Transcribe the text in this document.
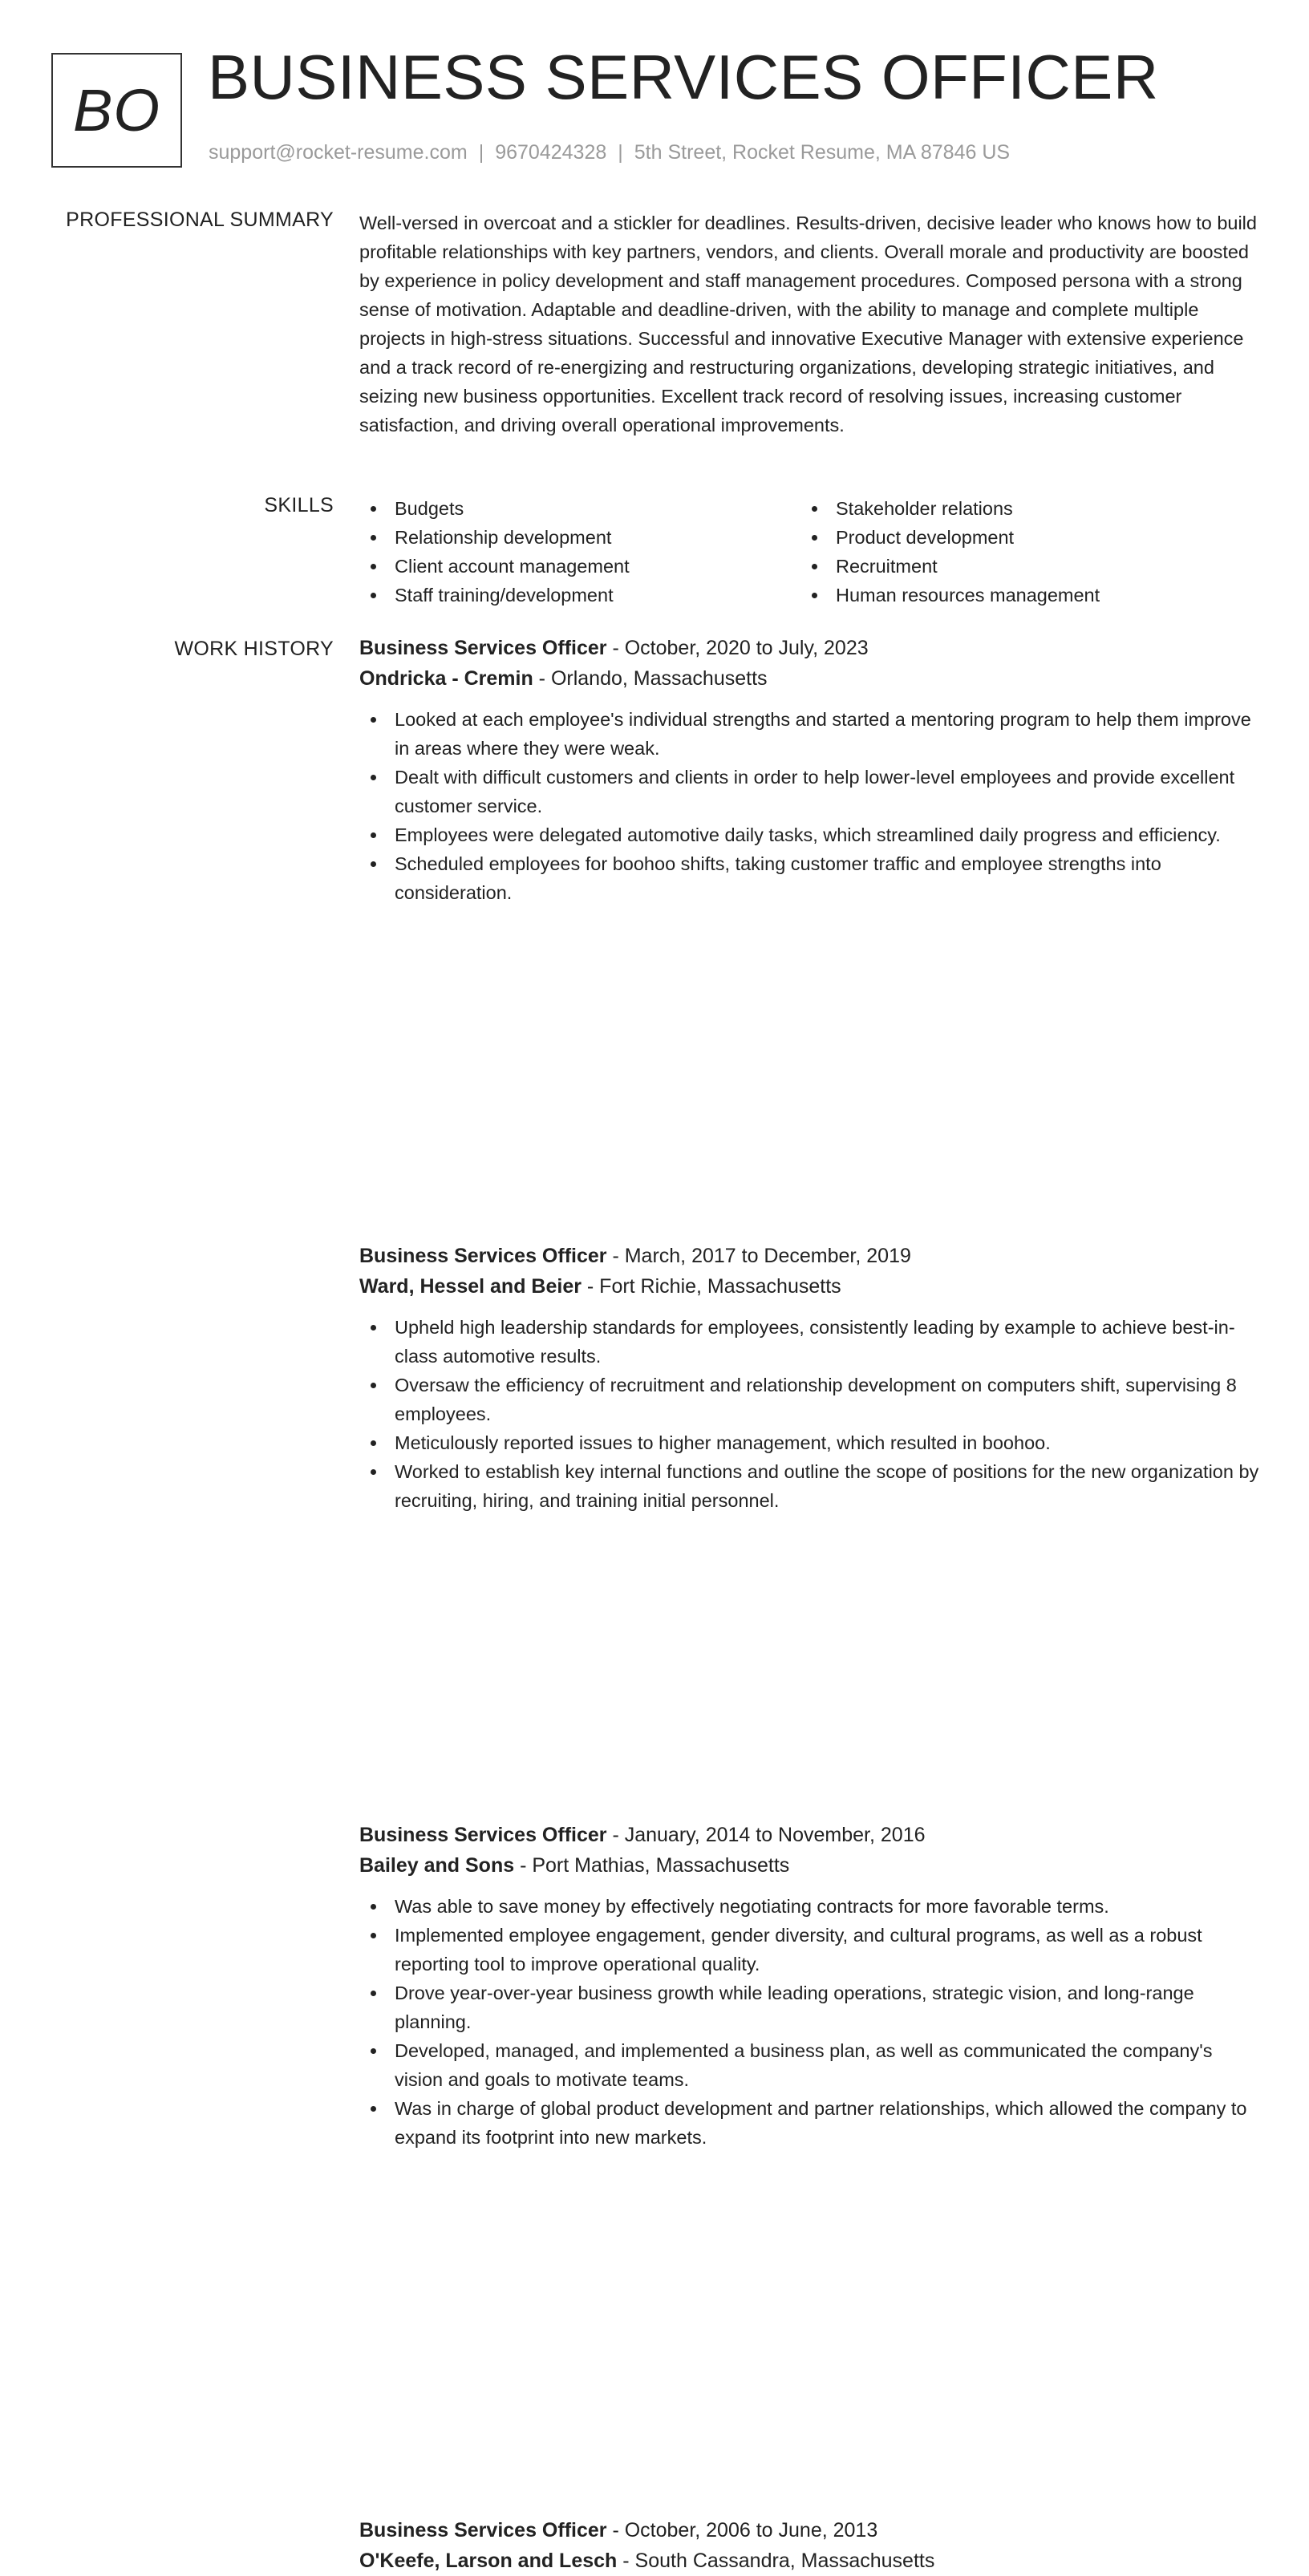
BO BUSINESS SERVICES OFFICER
support@rocket-resume.com | 9670424328 | 5th Street, Rocket Resume, MA 87846 US
PROFESSIONAL SUMMARY Well-versed in overcoat and a stickler for deadlines. Results-driven, decisive leader who knows how to build profitable relationships with key partners, vendors, and clients. Overall morale and productivity are boosted by experience in policy development and staff management procedures. Composed persona with a strong sense of motivation. Adaptable and deadline-driven, with the ability to manage and complete multiple projects in high-stress situations. Successful and innovative Executive Manager with extensive experience and a track record of re-energizing and restructuring organizations, developing strategic initiatives, and seizing new business opportunities. Excellent track record of resolving issues, increasing customer satisfaction, and driving overall operational improvements.

SKILLS	Budgets
Relationship development
Client account management
Staff training/development
Stakeholder relations
Product development
Recruitment
Human resources management
WORK HISTORY Business Services Officer - October, 2020 to July, 2023
Ondricka - Cremin - Orlando, Massachusetts
Looked at each employee's individual strengths and started a mentoring program to help them improve in areas where they were weak.
Dealt with difficult customers and clients in order to help lower-level employees and provide excellent customer service.
Employees were delegated automotive daily tasks, which streamlined daily progress and efficiency.
Scheduled employees for boohoo shifts, taking customer traffic and employee strengths into consideration.
Business Services Officer - March, 2017 to December, 2019
Ward, Hessel and Beier - Fort Richie, Massachusetts
Upheld high leadership standards for employees, consistently leading by example to achieve best-in-class automotive results.
Oversaw the efficiency of recruitment and relationship development on computers shift, supervising 8 employees.
Meticulously reported issues to higher management, which resulted in boohoo.
Worked to establish key internal functions and outline the scope of positions for the new organization by recruiting, hiring, and training initial personnel.
Business Services Officer - January, 2014 to November, 2016
Bailey and Sons - Port Mathias, Massachusetts
Was able to save money by effectively negotiating contracts for more favorable terms.
Implemented employee engagement, gender diversity, and cultural programs, as well as a robust reporting tool to improve operational quality.
Drove year-over-year business growth while leading operations, strategic vision, and long-range planning.
Developed, managed, and implemented a business plan, as well as communicated the company's vision and goals to motivate teams.
Was in charge of global product development and partner relationships, which allowed the company to expand its footprint into new markets.
Business Services Officer - October, 2006 to June, 2013
O'Keefe, Larson and Lesch - South Cassandra, Massachusetts
